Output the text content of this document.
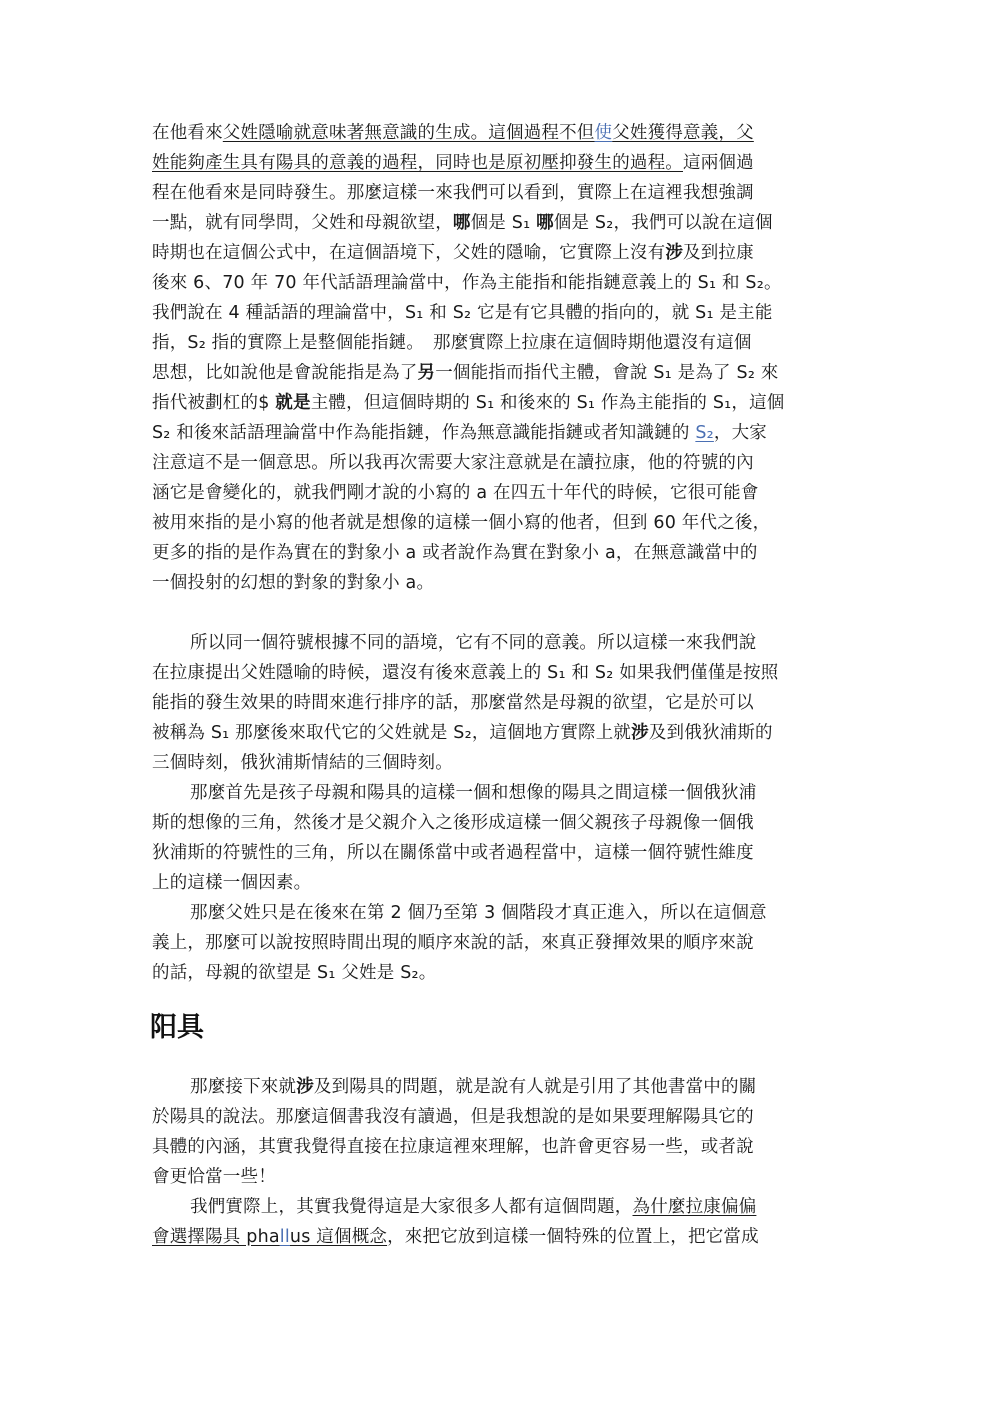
在他看來父姓隱喻就意味著無意識的生成。這個過程不但使父姓獲得意義，父
姓能夠產生具有陽具的意義的過程，同時也是原初壓抑發生的過程。這兩個過
程在他看來是同時發生。那麼這樣一來我們可以看到，實際上在這裡我想強調
一點，就有同學問，父姓和母親欲望，哪個是 S₁ 哪個是 S₂，我們可以說在這個
時期也在這個公式中，在這個語境下，父姓的隱喻，它實際上沒有涉及到拉康
後來 6、70 年 70 年代話語理論當中，作為主能指和能指鏈意義上的 S₁ 和 S₂。
我們說在 4 種話語的理論當中，S₁ 和 S₂ 它是有它具體的指向的，就 S₁ 是主能
指，S₂ 指的實際上是整個能指鏈。　那麼實際上拉康在這個時期他還沒有這個
思想，比如說他是會說能指是為了另一個能指而指代主體，會說 S₁ 是為了 S₂ 來
指代被劃杠的$ 就是主體，但這個時期的 S₁ 和後來的 S₁ 作為主能指的 S₁，這個
S₂ 和後來話語理論當中作為能指鏈，作為無意識能指鏈或者知識鏈的 S₂，大家
注意這不是一個意思。所以我再次需要大家注意就是在讀拉康，他的符號的內
涵它是會變化的，就我們剛才說的小寫的 a 在四五十年代的時候，它很可能會
被用來指的是小寫的他者就是想像的這樣一個小寫的他者，但到 60 年代之後，
更多的指的是作為實在的對象小 a 或者說作為實在對象小 a，在無意識當中的
一個投射的幻想的對象的對象小 a。
所以同一個符號根據不同的語境，它有不同的意義。所以這樣一來我們說
在拉康提出父姓隱喻的時候，還沒有後來意義上的 S₁ 和 S₂ 如果我們僅僅是按照
能指的發生效果的時間來進行排序的話，那麼當然是母親的欲望，它是於可以
被稱為 S₁ 那麼後來取代它的父姓就是 S₂，這個地方實際上就涉及到俄狄浦斯的
三個時刻，俄狄浦斯情結的三個時刻。
那麼首先是孩子母親和陽具的這樣一個和想像的陽具之間這樣一個俄狄浦
斯的想像的三角，然後才是父親介入之後形成這樣一個父親孩子母親像一個俄
狄浦斯的符號性的三角，所以在關係當中或者過程當中，這樣一個符號性維度
上的這樣一個因素。
那麼父姓只是在後來在第 2 個乃至第 3 個階段才真正進入，所以在這個意
義上，那麼可以說按照時間出現的順序來說的話，來真正發揮效果的順序來說
的話，母親的欲望是 S₁ 父姓是 S₂。
阳具
那麼接下來就涉及到陽具的問題，就是說有人就是引用了其他書當中的關
於陽具的說法。那麼這個書我沒有讀過，但是我想說的是如果要理解陽具它的
具體的內涵，其實我覺得直接在拉康這裡來理解，也許會更容易一些，或者說
會更恰當一些！
我們實際上，其實我覺得這是大家很多人都有這個問題，為什麼拉康偏偏
會選擇陽具 phallus 這個概念，來把它放到這樣一個特殊的位置上，把它當成
